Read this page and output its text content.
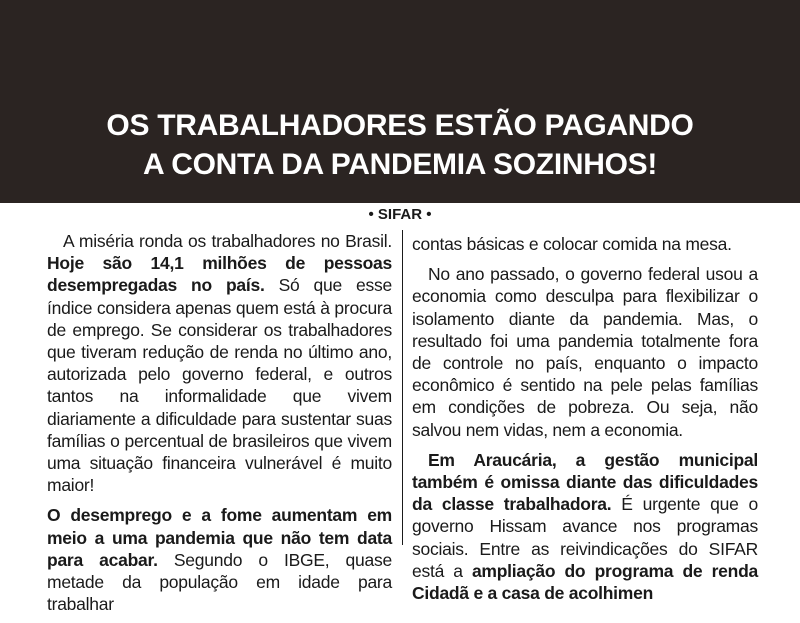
OS TRABALHADORES ESTÃO PAGANDO
A CONTA DA PANDEMIA SOZINHOS!
• SIFAR •

A miséria ronda os trabalhadores no Brasil. Hoje são 14,1 milhões de pessoas desempregadas no país. Só que esse índice considera apenas quem está à procura de emprego. Se considerar os trabalhadores que tiveram redução de renda no último ano, autorizada pelo governo federal, e outros tantos na informalidade que vivem diariamente a dificuldade para sustentar suas famílias o percentual de brasileiros que vivem uma situação financeira vulnerável é muito maior!

O desemprego e a fome aumentam em meio a uma pandemia que não tem data para acabar. Segundo o IBGE, quase metade da população em idade para trabalhar

contas básicas e colocar comida na mesa.

No ano passado, o governo federal usou a economia como desculpa para flexibilizar o isolamento diante da pandemia. Mas, o resultado foi uma pandemia totalmente fora de controle no país, enquanto o impacto econômico é sentido na pele pelas famílias em condições de pobreza. Ou seja, não salvou nem vidas, nem a economia.

Em Araucária, a gestão municipal também é omissa diante das dificuldades da classe trabalhadora. É urgente que o governo Hissam avance nos programas sociais. Entre as reivindicações do SIFAR está a ampliação do programa de renda Cidadã e a casa de acolhimen
